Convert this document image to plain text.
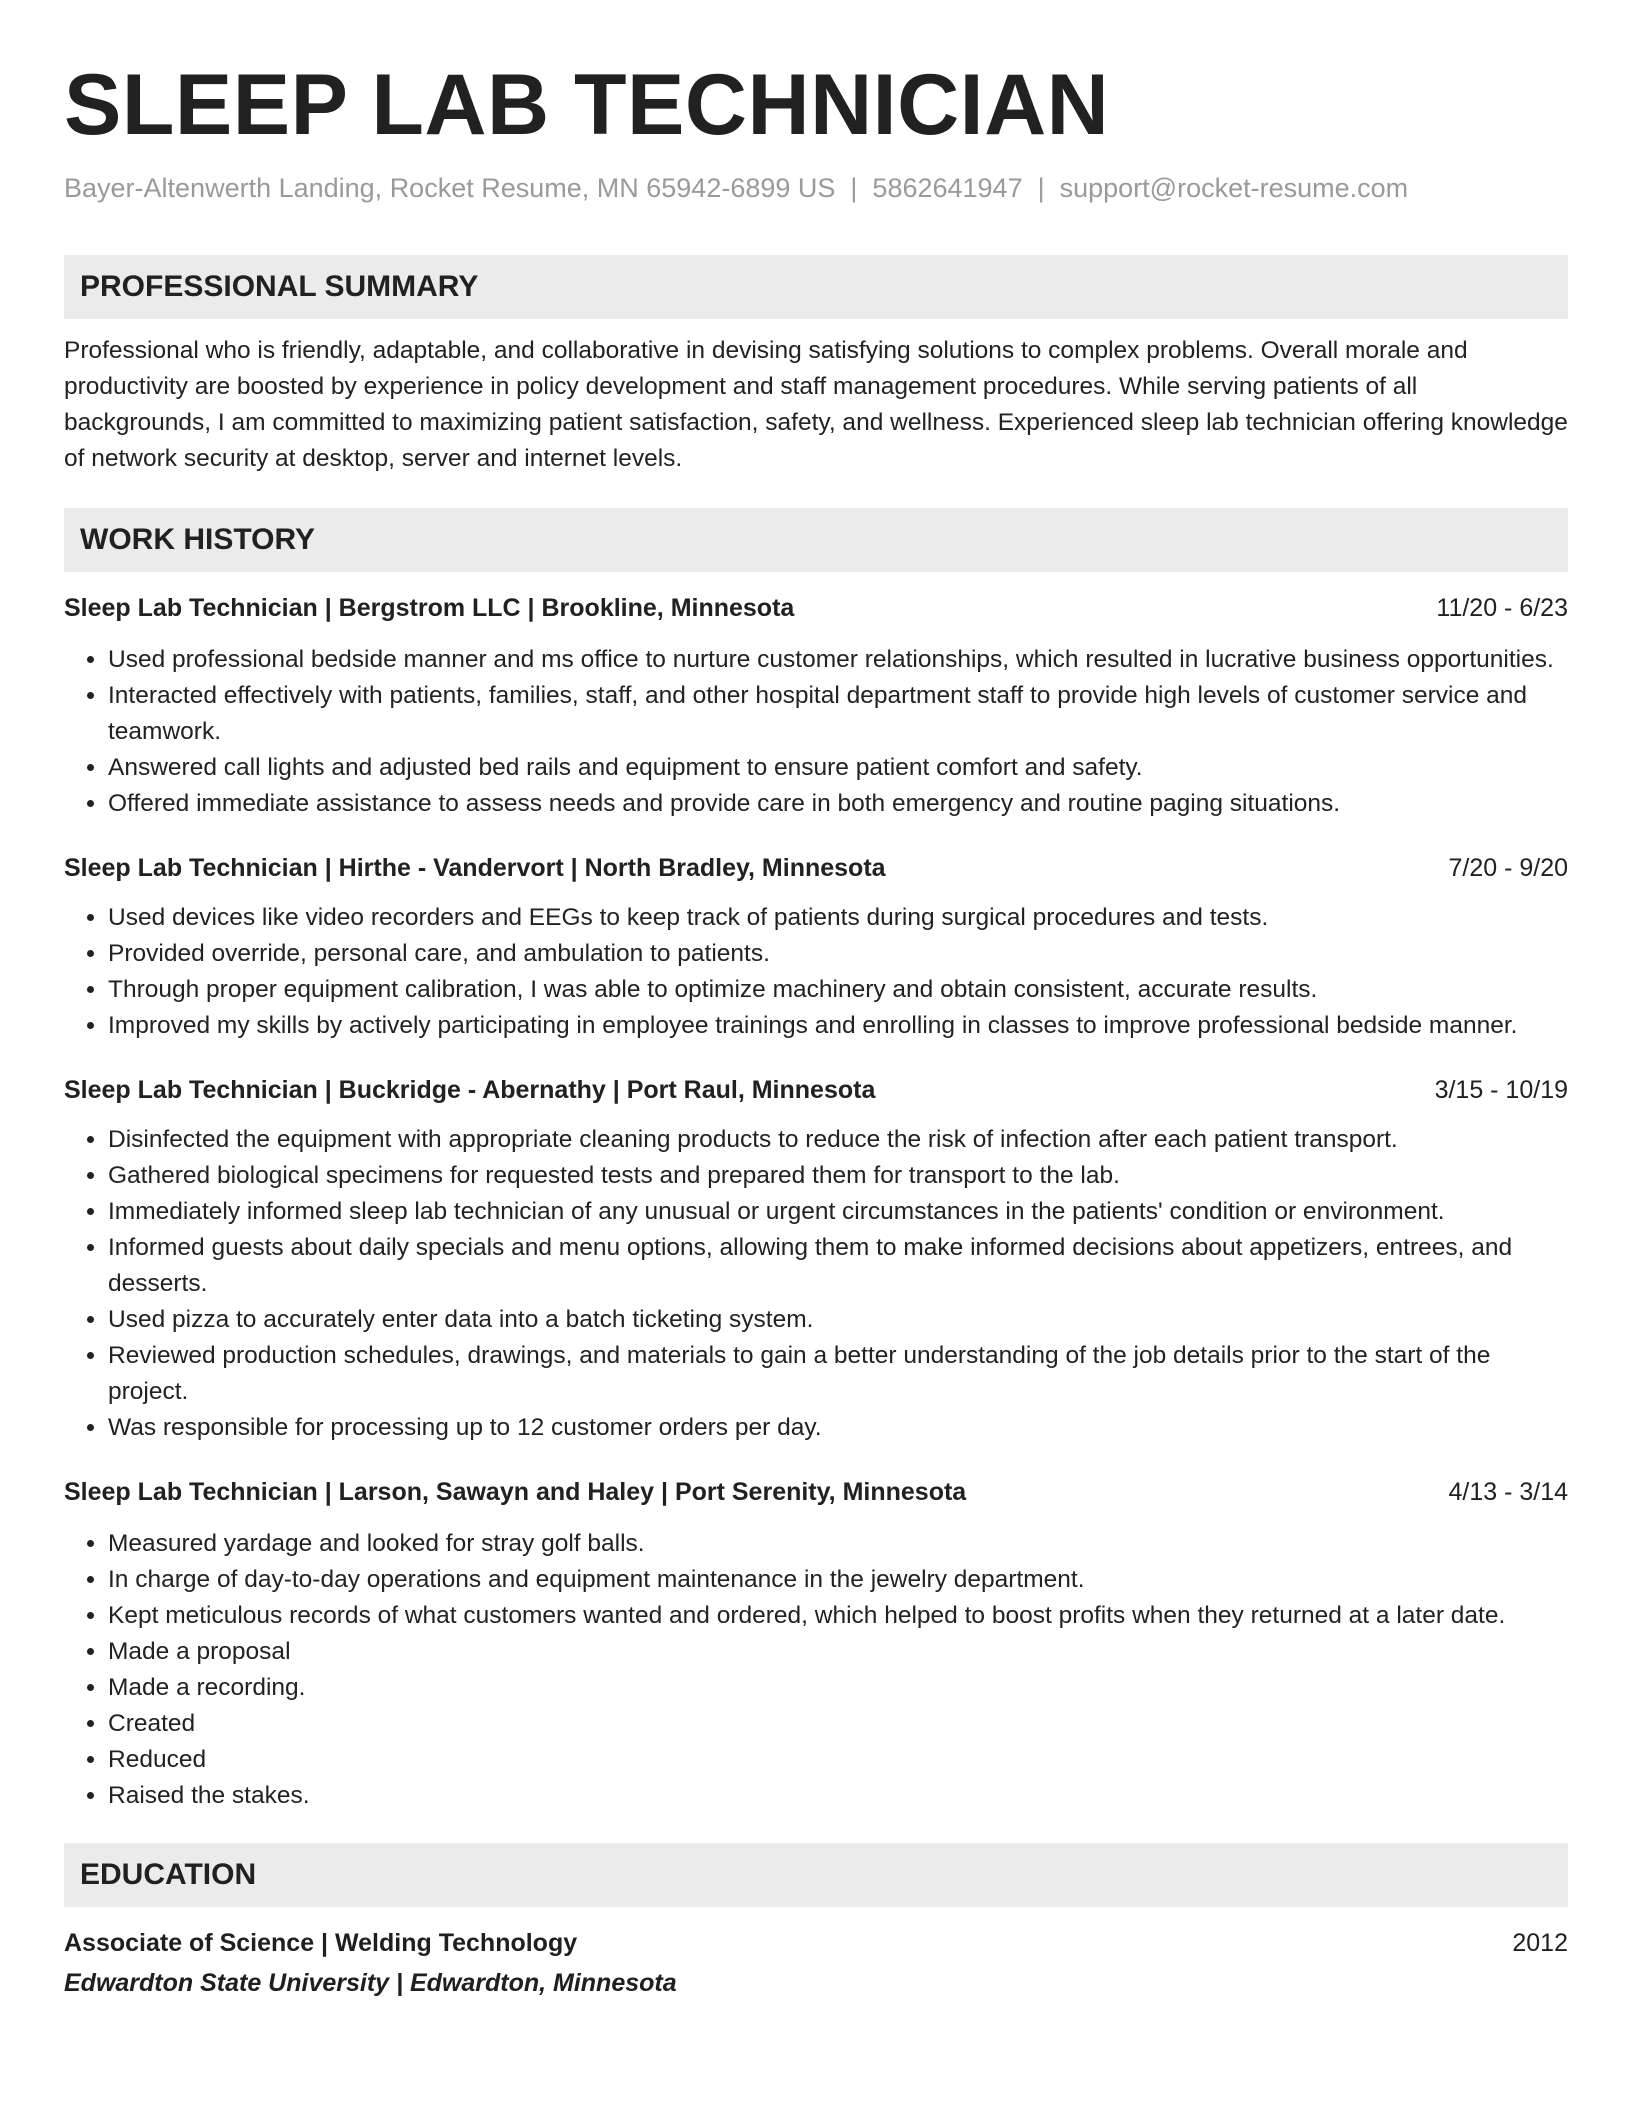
SLEEP LAB TECHNICIAN
Bayer-Altenwerth Landing, Rocket Resume, MN 65942-6899 US | 5862641947 | support@rocket-resume.com
PROFESSIONAL SUMMARY
Professional who is friendly, adaptable, and collaborative in devising satisfying solutions to complex problems. Overall morale and productivity are boosted by experience in policy development and staff management procedures. While serving patients of all backgrounds, I am committed to maximizing patient satisfaction, safety, and wellness. Experienced sleep lab technician offering knowledge of network security at desktop, server and internet levels.
WORK HISTORY
Sleep Lab Technician | Bergstrom LLC | Brookline, Minnesota	11/20 - 6/23
• Used professional bedside manner and ms office to nurture customer relationships, which resulted in lucrative business opportunities.
• Interacted effectively with patients, families, staff, and other hospital department staff to provide high levels of customer service and teamwork.
• Answered call lights and adjusted bed rails and equipment to ensure patient comfort and safety.
• Offered immediate assistance to assess needs and provide care in both emergency and routine paging situations.
Sleep Lab Technician | Hirthe - Vandervort | North Bradley, Minnesota	7/20 - 9/20
• Used devices like video recorders and EEGs to keep track of patients during surgical procedures and tests.
• Provided override, personal care, and ambulation to patients.
• Through proper equipment calibration, I was able to optimize machinery and obtain consistent, accurate results.
• Improved my skills by actively participating in employee trainings and enrolling in classes to improve professional bedside manner.
Sleep Lab Technician | Buckridge - Abernathy | Port Raul, Minnesota	3/15 - 10/19
• Disinfected the equipment with appropriate cleaning products to reduce the risk of infection after each patient transport.
• Gathered biological specimens for requested tests and prepared them for transport to the lab.
• Immediately informed sleep lab technician of any unusual or urgent circumstances in the patients' condition or environment.
• Informed guests about daily specials and menu options, allowing them to make informed decisions about appetizers, entrees, and desserts.
• Used pizza to accurately enter data into a batch ticketing system.
• Reviewed production schedules, drawings, and materials to gain a better understanding of the job details prior to the start of the project.
• Was responsible for processing up to 12 customer orders per day.
Sleep Lab Technician | Larson, Sawayn and Haley | Port Serenity, Minnesota	4/13 - 3/14
• Measured yardage and looked for stray golf balls.
• In charge of day-to-day operations and equipment maintenance in the jewelry department.
• Kept meticulous records of what customers wanted and ordered, which helped to boost profits when they returned at a later date.
• Made a proposal
• Made a recording.
• Created
• Reduced
• Raised the stakes.
EDUCATION
Associate of Science | Welding Technology	2012
Edwardton State University | Edwardton, Minnesota
